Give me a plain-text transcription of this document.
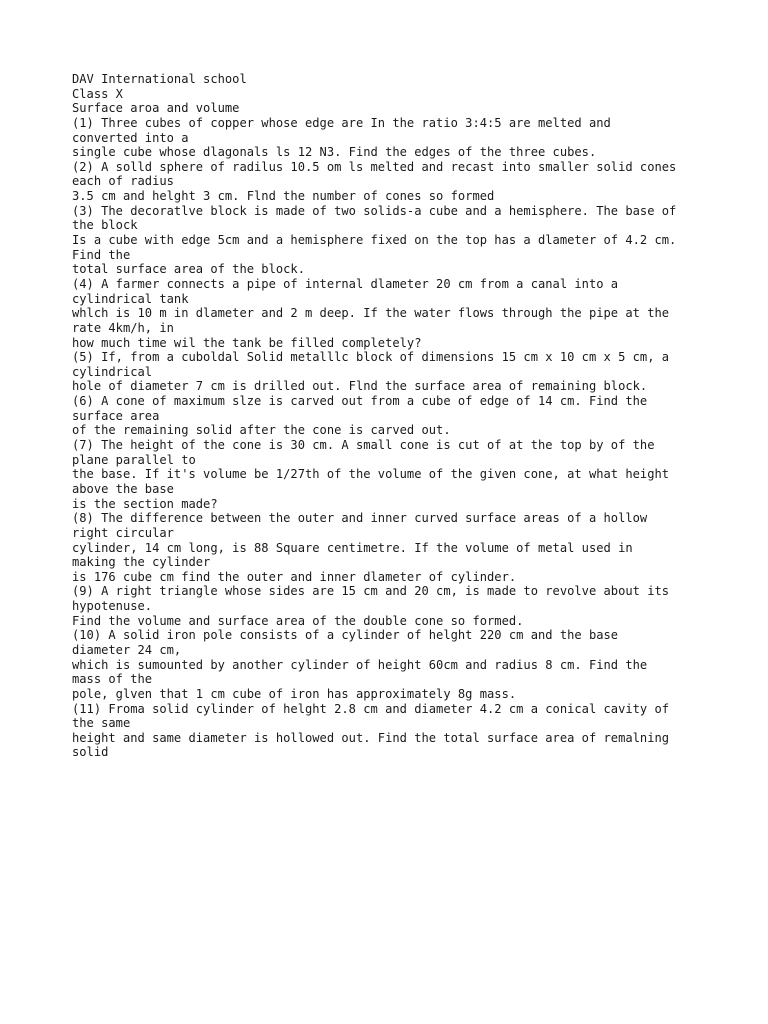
DAV International school
Class X
Surface aroa and volume
(1) Three cubes of copper whose edge are In the ratio 3:4:5 are melted and
converted into a
single cube whose dlagonals ls 12 N3. Find the edges of the three cubes.
(2) A solld sphere of radilus 10.5 om ls melted and recast into smaller solid cones
each of radius
3.5 cm and helght 3 cm. Flnd the number of cones so formed
(3) The decoratlve block is made of two solids-a cube and a hemisphere. The base of
the block
Is a cube with edge 5cm and a hemisphere fixed on the top has a dlameter of 4.2 cm.
Find the
total surface area of the block.
(4) A farmer connects a pipe of internal dlameter 20 cm from a canal into a
cylindrical tank
whlch is 10 m in dlameter and 2 m deep. If the water flows through the pipe at the
rate 4km/h, in
how much time wil the tank be filled completely?
(5) If, from a cuboldal Solid metalllc block of dimensions 15 cm x 10 cm x 5 cm, a
cylindrical
hole of diameter 7 cm is drilled out. Flnd the surface area of remaining block.
(6) A cone of maximum slze is carved out from a cube of edge of 14 cm. Find the
surface area
of the remaining solid after the cone is carved out.
(7) The height of the cone is 30 cm. A small cone is cut of at the top by of the
plane parallel to
the base. If it's volume be 1/27th of the volume of the given cone, at what height
above the base
is the section made?
(8) The difference between the outer and inner curved surface areas of a hollow
right circular
cylinder, 14 cm long, is 88 Square centimetre. If the volume of metal used in
making the cylinder
is 176 cube cm find the outer and inner dlameter of cylinder.
(9) A right triangle whose sides are 15 cm and 20 cm, is made to revolve about its
hypotenuse.
Find the volume and surface area of the double cone so formed.
(10) A solid iron pole consists of a cylinder of helght 220 cm and the base
diameter 24 cm,
which is sumounted by another cylinder of height 60cm and radius 8 cm. Find the
mass of the
pole, glven that 1 cm cube of iron has approximately 8g mass.
(11) Froma solid cylinder of helght 2.8 cm and diameter 4.2 cm a conical cavity of
the same
height and same diameter is hollowed out. Find the total surface area of remalning
solid
